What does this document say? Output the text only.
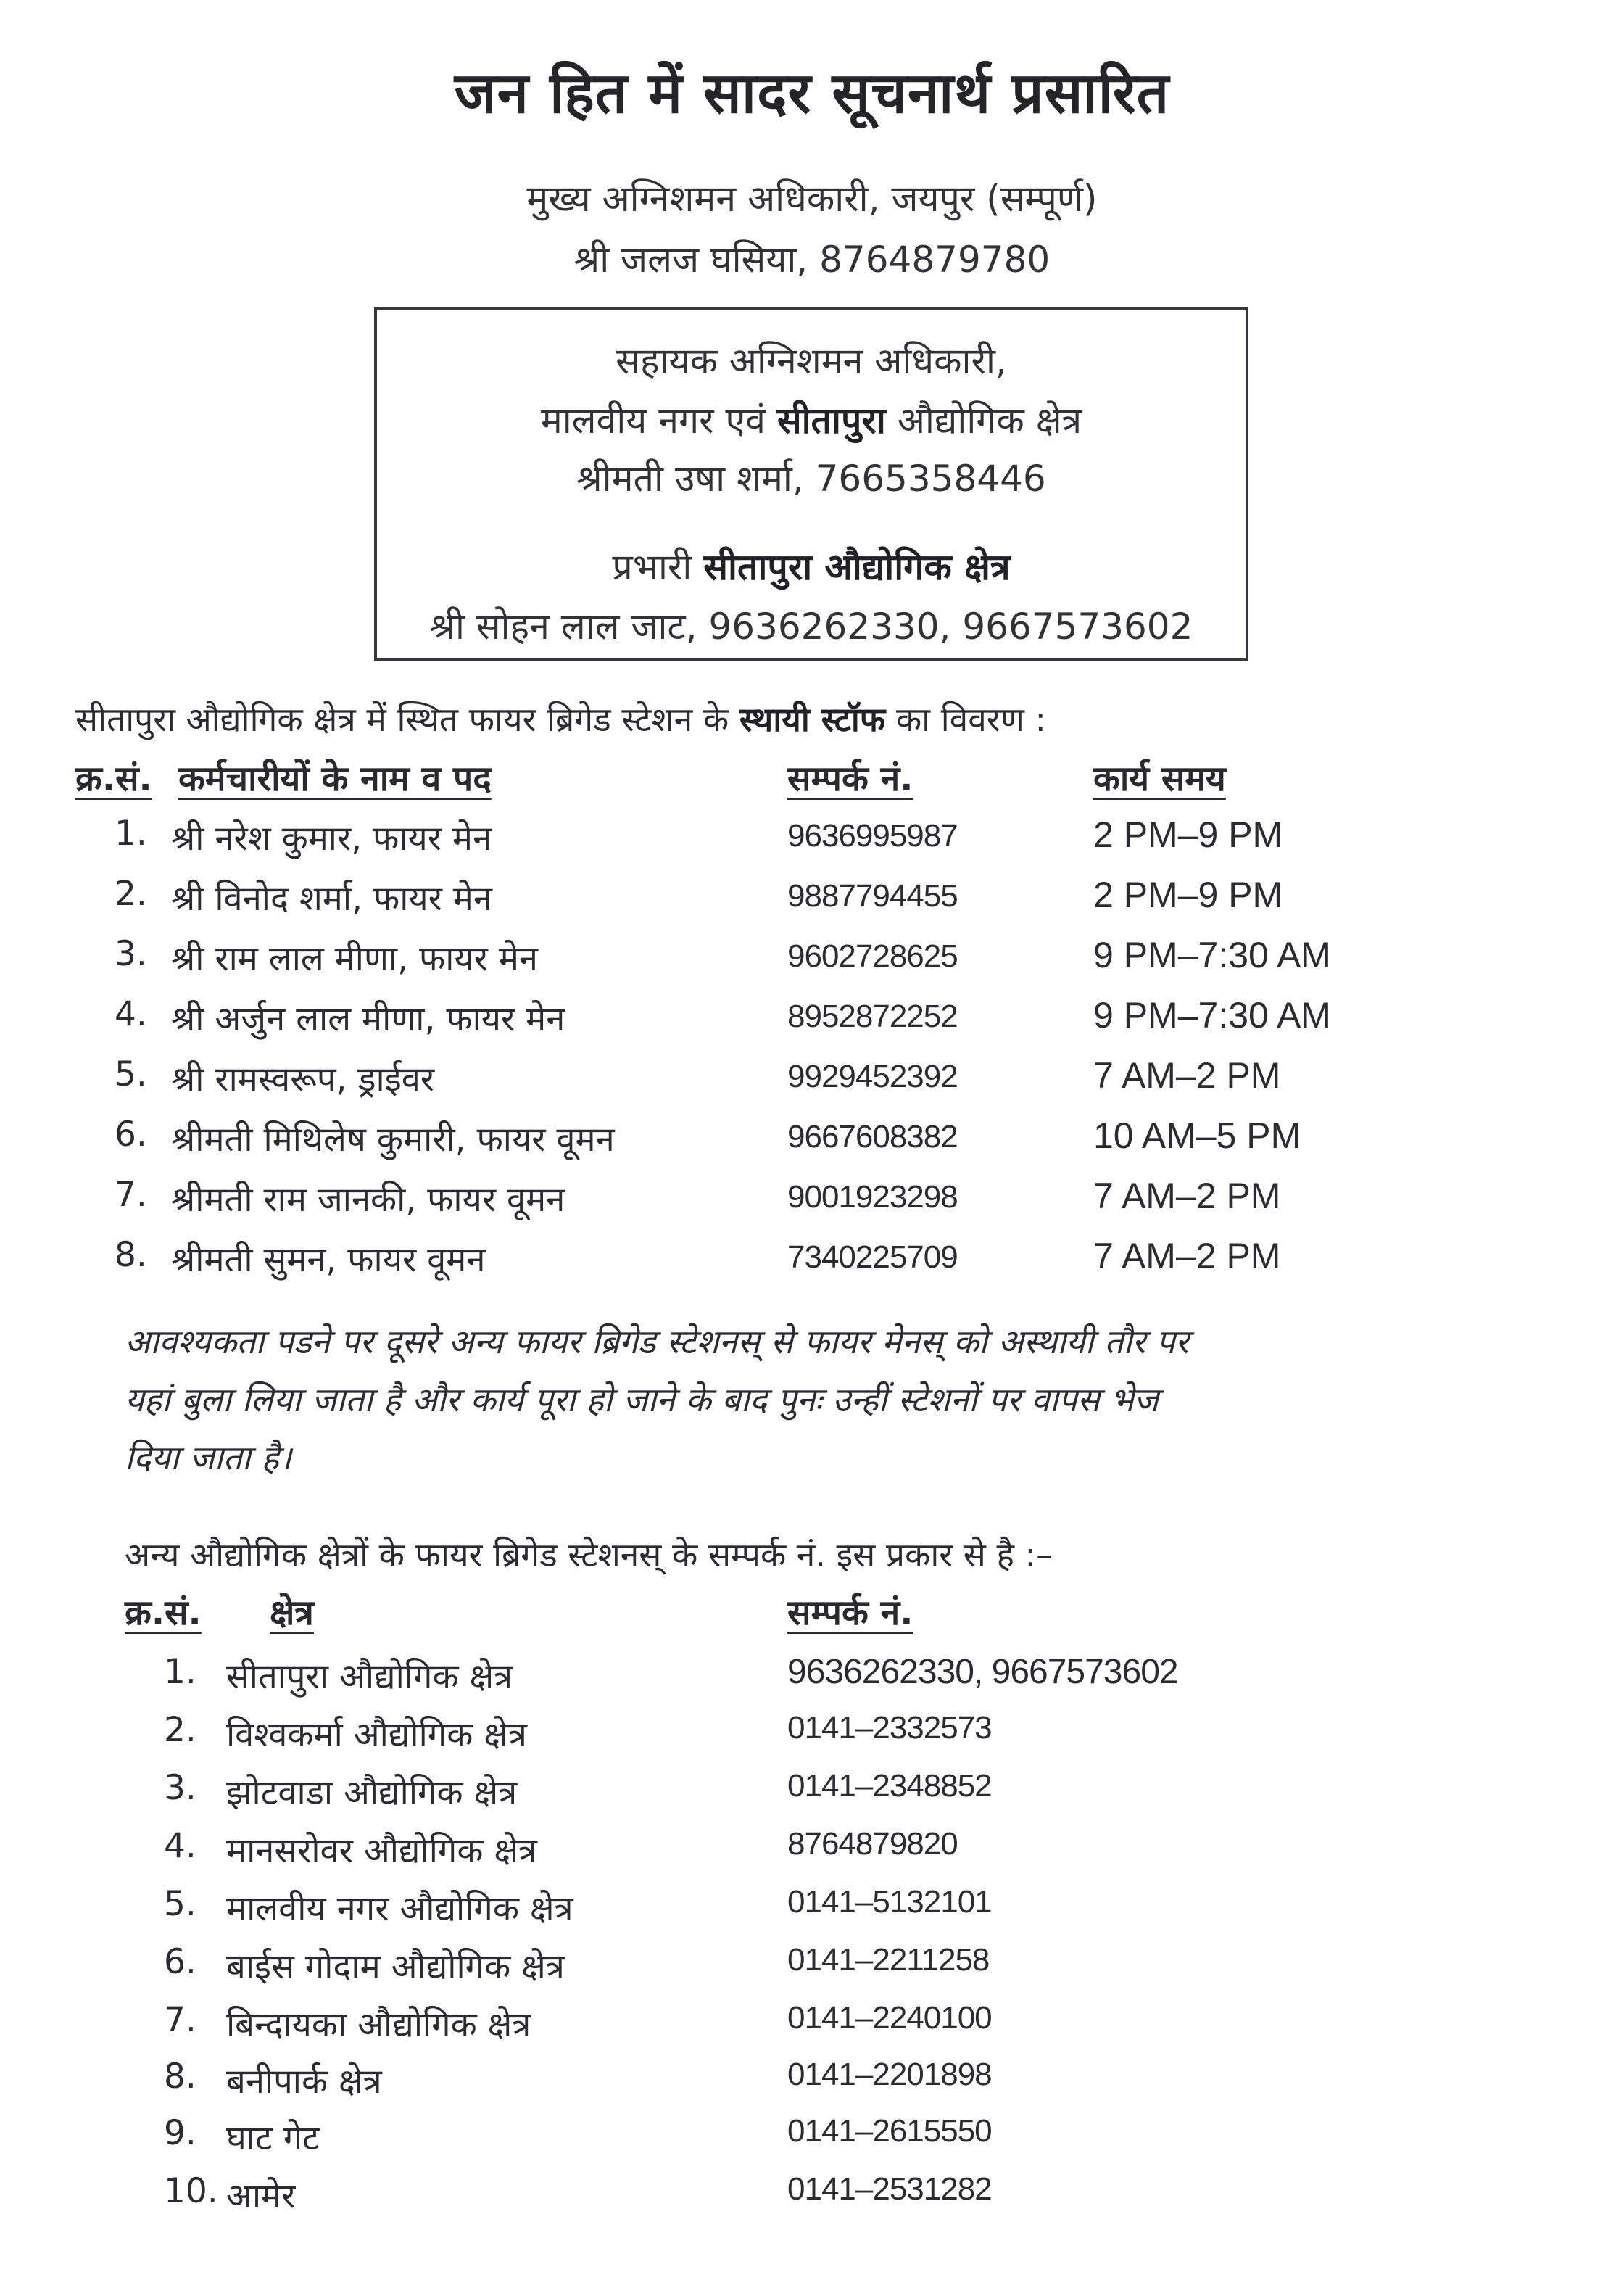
जन हित में सादर सूचनार्थ प्रसारित
मुख्य अग्निशमन अधिकारी, जयपुर (सम्पूर्ण)
श्री जलज घसिया, 8764879780
सहायक अग्निशमन अधिकारी,
मालवीय नगर एवं सीतापुरा औद्योगिक क्षेत्र
श्रीमती उषा शर्मा, 7665358446
प्रभारी सीतापुरा औद्योगिक क्षेत्र
श्री सोहन लाल जाट, 9636262330, 9667573602
सीतापुरा औद्योगिक क्षेत्र में स्थित फायर ब्रिगेड स्टेशन के स्थायी स्टॉफ का विवरण :
क्र.सं. कर्मचारीयों के नाम व पद	सम्पर्क नं.	कार्य समय
1. श्री नरेश कुमार, फायर मेन	9636995987	2 PM–9 PM
2. श्री विनोद शर्मा, फायर मेन	9887794455	2 PM–9 PM
3. श्री राम लाल मीणा, फायर मेन	9602728625	9 PM–7:30 AM
4. श्री अर्जुन लाल मीणा, फायर मेन	8952872252	9 PM–7:30 AM
5. श्री रामस्वरूप, ड्राईवर	9929452392	7 AM–2 PM
6. श्रीमती मिथिलेष कुमारी, फायर वूमन	9667608382	10 AM–5 PM
7. श्रीमती राम जानकी, फायर वूमन	9001923298	7 AM–2 PM
8. श्रीमती सुमन, फायर वूमन	7340225709	7 AM–2 PM
आवश्यकता पडने पर दूसरे अन्य फायर ब्रिगेड स्टेशनस् से फायर मेनस् को अस्थायी तौर पर
यहां बुला लिया जाता है और कार्य पूरा हो जाने के बाद पुनः उन्हीं स्टेशनों पर वापस भेज
दिया जाता है।
अन्य औद्योगिक क्षेत्रों के फायर ब्रिगेड स्टेशनस् के सम्पर्क नं. इस प्रकार से है :–
क्र.सं. क्षेत्र	सम्पर्क नं.
1. सीतापुरा औद्योगिक क्षेत्र	9636262330, 9667573602
2. विश्वकर्मा औद्योगिक क्षेत्र	0141–2332573
3. झोटवाडा औद्योगिक क्षेत्र	0141–2348852
4. मानसरोवर औद्योगिक क्षेत्र	8764879820
5. मालवीय नगर औद्योगिक क्षेत्र	0141–5132101
6. बाईस गोदाम औद्योगिक क्षेत्र	0141–2211258
7. बिन्दायका औद्योगिक क्षेत्र	0141–2240100
8. बनीपार्क क्षेत्र	0141–2201898
9. घाट गेट	0141–2615550
10. आमेर	0141–2531282
